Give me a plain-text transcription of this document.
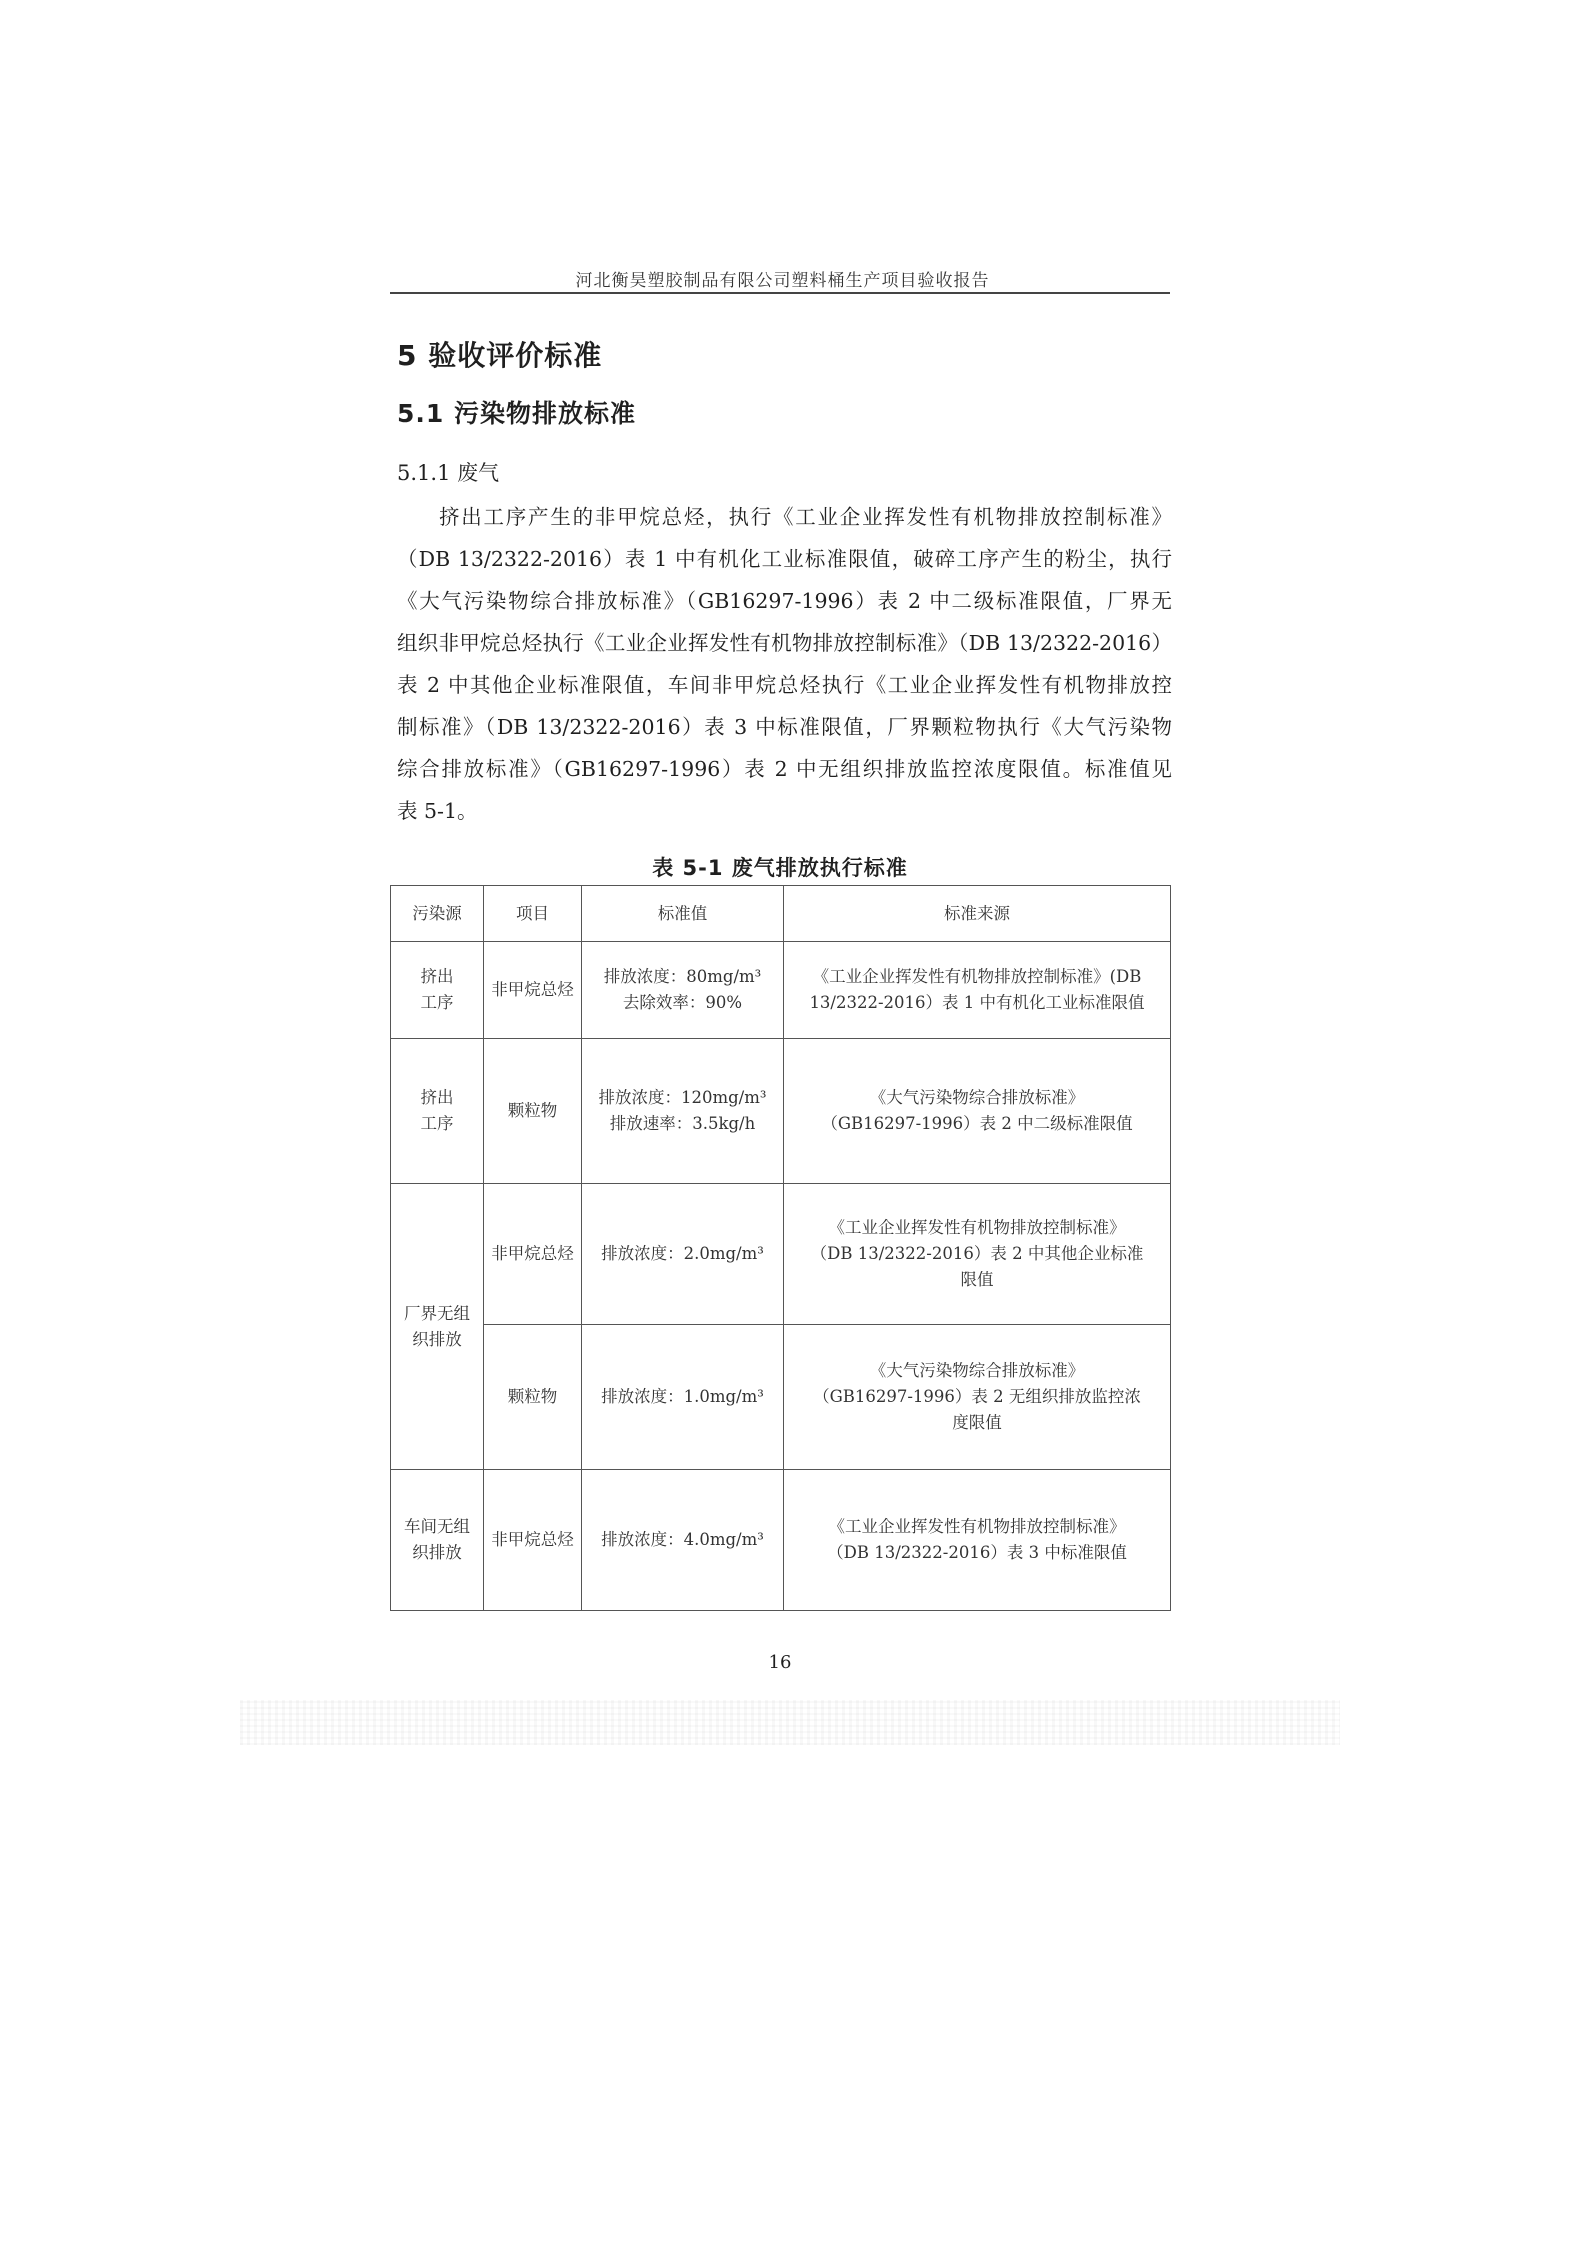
河北衡昊塑胶制品有限公司塑料桶生产项目验收报告
5 验收评价标准
5.1 污染物排放标准
5.1.1 废气
挤出工序产生的非甲烷总烃，执行《工业企业挥发性有机物排放控制标准》
（DB 13/2322-2016）表 1 中有机化工业标准限值，破碎工序产生的粉尘，执行
《大气污染物综合排放标准》（GB16297-1996）表 2 中二级标准限值，厂界无
组织非甲烷总烃执行《工业企业挥发性有机物排放控制标准》（DB 13/2322-2016）
表 2 中其他企业标准限值，车间非甲烷总烃执行《工业企业挥发性有机物排放控
制标准》（DB 13/2322-2016）表 3 中标准限值，厂界颗粒物执行《大气污染物
综合排放标准》（GB16297-1996）表 2 中无组织排放监控浓度限值。标准值见
表 5-1。
表 5-1 废气排放执行标准
污染源	项目	标准值	标准来源

挤出
工序	非甲烷总烃	排放浓度：80mg/m³
去除效率：90%	《工业企业挥发性有机物排放控制标准》(DB
13/2322-2016）表 1 中有机化工业标准限值

挤出
工序	颗粒物	排放浓度：120mg/m³
排放速率：3.5kg/h	《大气污染物综合排放标准》
（GB16297-1996）表 2 中二级标准限值

厂界无组
织排放	非甲烷总烃	排放浓度：2.0mg/m³	《工业企业挥发性有机物排放控制标准》
（DB 13/2322-2016）表 2 中其他企业标准
限值

	颗粒物	排放浓度：1.0mg/m³	《大气污染物综合排放标准》
（GB16297-1996）表 2 无组织排放监控浓
度限值

车间无组
织排放	非甲烷总烃	排放浓度：4.0mg/m³	《工业企业挥发性有机物排放控制标准》
（DB 13/2322-2016）表 3 中标准限值
16
